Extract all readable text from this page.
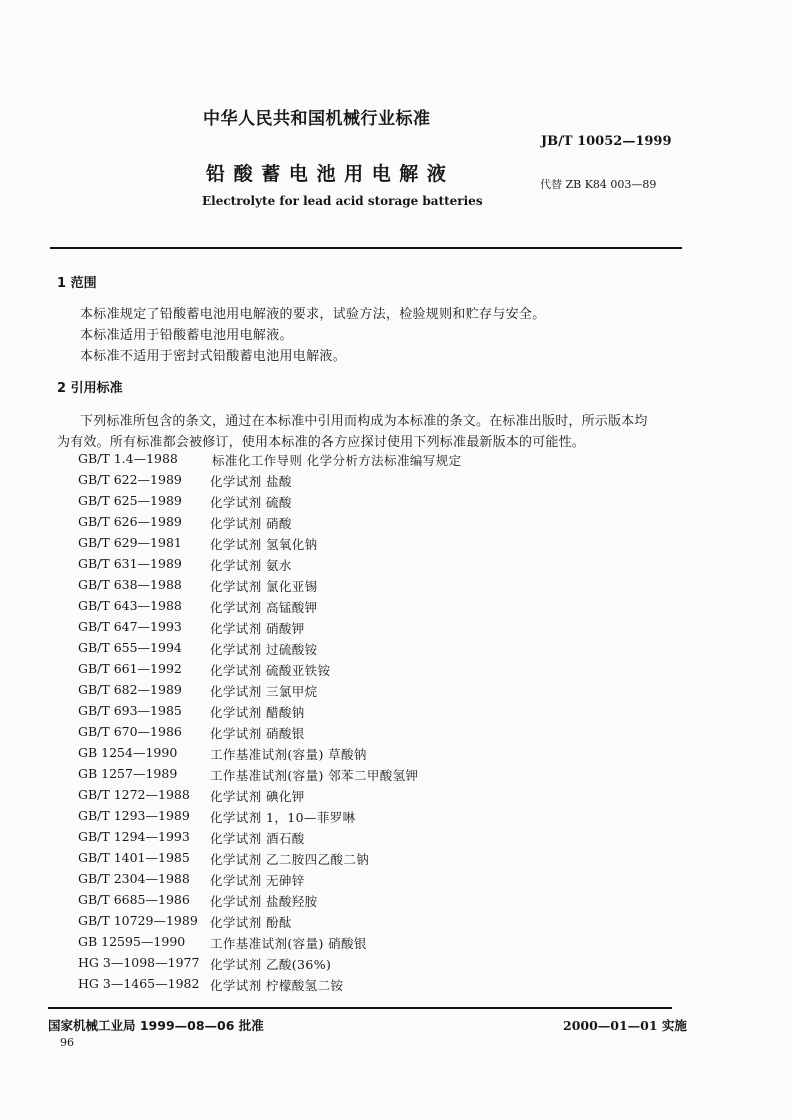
中华人民共和国机械行业标准
JB/T 10052—1999
铅 酸 蓄 电 池 用 电 解 液	代替 ZB K84 003—89
Electrolyte for lead acid storage batteries
1 范围
本标准规定了铅酸蓄电池用电解液的要求，试验方法，检验规则和贮存与安全。
本标准适用于铅酸蓄电池用电解液。
本标准不适用于密封式铅酸蓄电池用电解液。
2 引用标准
下列标准所包含的条文，通过在本标准中引用而构成为本标准的条文。在标准出版时，所示版本均
为有效。所有标准都会被修订，使用本标准的各方应探讨使用下列标准最新版本的可能性。
GB/T 1.4—1988	标准化工作导则 化学分析方法标准编写规定
GB/T 622—1989 化学试剂 盐酸
GB/T 625—1989 化学试剂 硫酸
GB/T 626—1989 化学试剂 硝酸
GB/T 629—1981 化学试剂 氢氧化钠
GB/T 631—1989 化学试剂 氨水
GB/T 638—1988 化学试剂 氯化亚锡
GB/T 643—1988 化学试剂 高锰酸钾
GB/T 647—1993 化学试剂 硝酸钾
GB/T 655—1994 化学试剂 过硫酸铵
GB/T 661—1992 化学试剂 硫酸亚铁铵
GB/T 682—1989 化学试剂 三氯甲烷
GB/T 693—1985 化学试剂 醋酸钠
GB/T 670—1986 化学试剂 硝酸银
GB 1254—1990	工作基准试剂(容量) 草酸钠
GB 1257—1989	工作基准试剂(容量) 邻苯二甲酸氢钾
GB/T 1272—1988 化学试剂 碘化钾
GB/T 1293—1989 化学试剂 1，10—菲罗啉
GB/T 1294—1993 化学试剂 酒石酸
GB/T 1401—1985 化学试剂 乙二胺四乙酸二钠
GB/T 2304—1988 化学试剂 无砷锌
GB/T 6685—1986 化学试剂 盐酸羟胺
GB/T 10729—1989 化学试剂 酚酞
GB 12595—1990 工作基准试剂(容量) 硝酸银
HG 3—1098—1977 化学试剂 乙酸(36%)
HG 3—1465—1982 化学试剂 柠檬酸氢二铵
国家机械工业局 1999—08—06 批准	2000—01—01 实施
96
